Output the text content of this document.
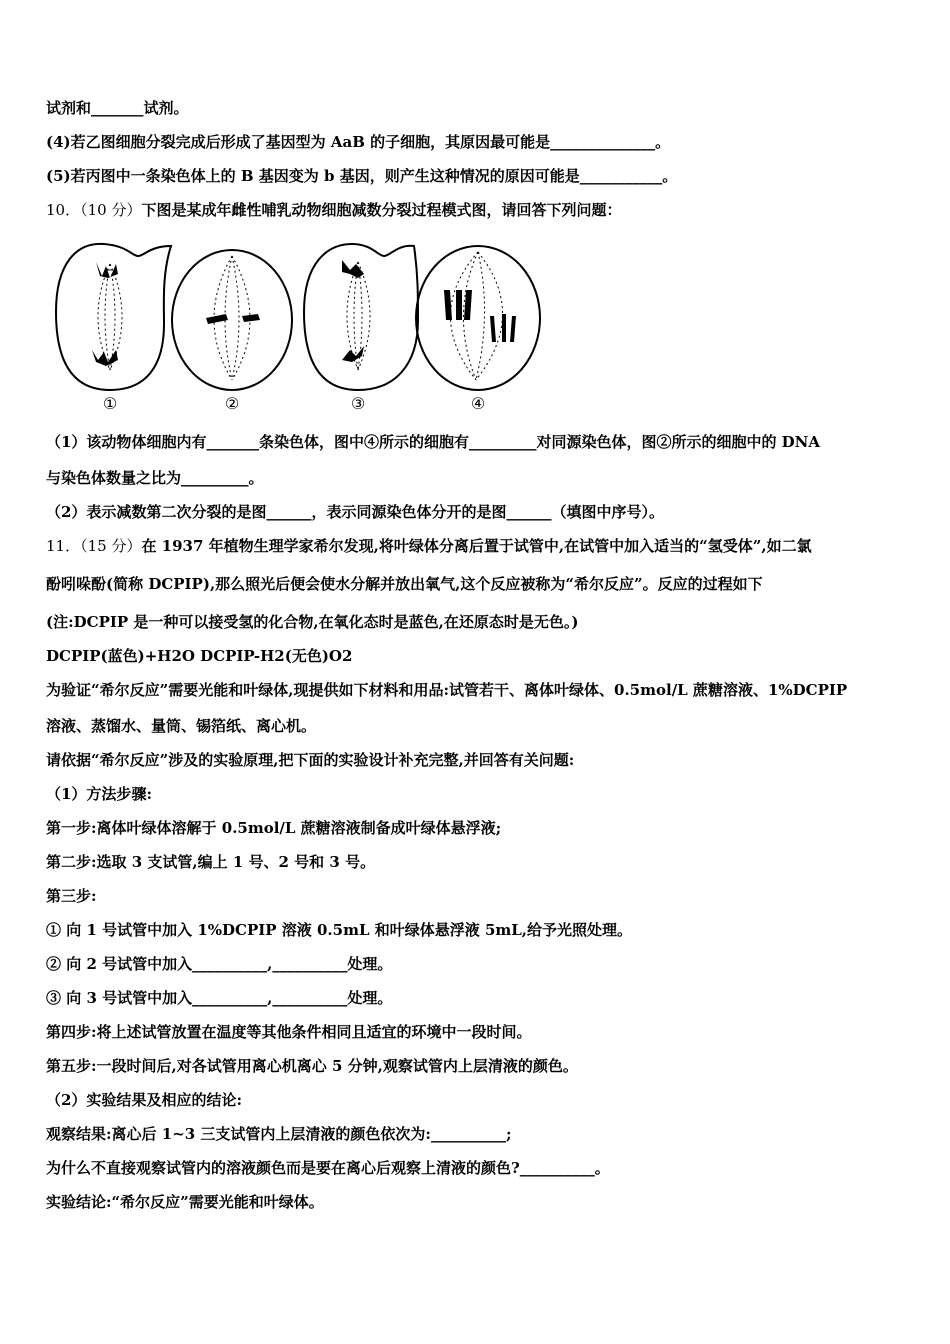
试剂和_______试剂。
(4)若乙图细胞分裂完成后形成了基因型为 AaB 的子细胞，其原因最可能是______________。
(5)若丙图中一条染色体上的 B 基因变为 b 基因，则产生这种情况的原因可能是___________。
10．（10 分）下图是某成年雌性哺乳动物细胞减数分裂过程模式图，请回答下列问题：
①	②	③	④
（1）该动物体细胞内有_______条染色体，图中④所示的细胞有_________对同源染色体，图②所示的细胞中的 DNA
与染色体数量之比为_________。
（2）表示减数第二次分裂的是图______，表示同源染色体分开的是图______（填图中序号）。
11．（15 分）在 1937 年植物生理学家希尔发现,将叶绿体分离后置于试管中,在试管中加入适当的“氢受体”,如二氯
酚吲哚酚(简称 DCPIP),那么照光后便会使水分解并放出氧气,这个反应被称为“希尔反应”。反应的过程如下
(注:DCPIP 是一种可以接受氢的化合物,在氧化态时是蓝色,在还原态时是无色。)
DCPIP(蓝色)+H2O DCPIP-H2(无色)O2
为验证“希尔反应”需要光能和叶绿体,现提供如下材料和用品:试管若干、离体叶绿体、0.5mol/L 蔗糖溶液、1%DCPIP
溶液、蒸馏水、量筒、锡箔纸、离心机。
请依据“希尔反应”涉及的实验原理,把下面的实验设计补充完整,并回答有关问题:
（1）方法步骤:
第一步:离体叶绿体溶解于 0.5mol/L 蔗糖溶液制备成叶绿体悬浮液;
第二步:选取 3 支试管,编上 1 号、2 号和 3 号。
第三步:
① 向 1 号试管中加入 1%DCPIP 溶液 0.5mL 和叶绿体悬浮液 5mL,给予光照处理。
② 向 2 号试管中加入__________,__________处理。
③ 向 3 号试管中加入__________,__________处理。
第四步:将上述试管放置在温度等其他条件相同且适宜的环境中一段时间。
第五步:一段时间后,对各试管用离心机离心 5 分钟,观察试管内上层清液的颜色。
（2）实验结果及相应的结论:
观察结果:离心后 1~3 三支试管内上层清液的颜色依次为:__________;
为什么不直接观察试管内的溶液颜色而是要在离心后观察上清液的颜色?__________。
实验结论:“希尔反应”需要光能和叶绿体。
